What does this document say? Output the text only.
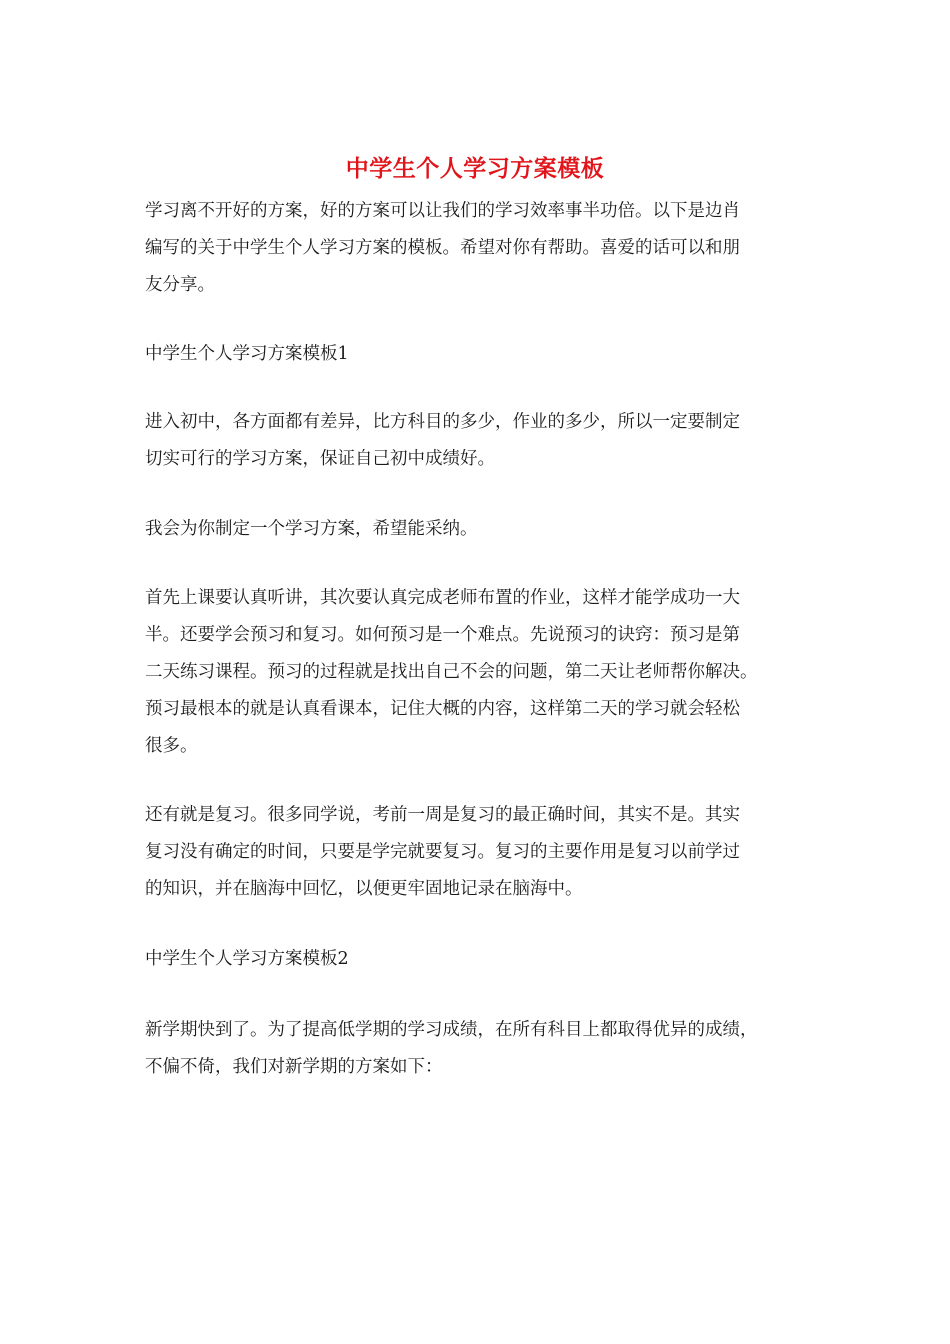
中学生个人学习方案模板

学习离不开好的方案，好的方案可以让我们的学习效率事半功倍。以下是边肖
编写的关于中学生个人学习方案的模板。希望对你有帮助。喜爱的话可以和朋
友分享。

中学生个人学习方案模板1

进入初中，各方面都有差异，比方科目的多少，作业的多少，所以一定要制定
切实可行的学习方案，保证自己初中成绩好。

我会为你制定一个学习方案，希望能采纳。

首先上课要认真听讲，其次要认真完成老师布置的作业，这样才能学成功一大
半。还要学会预习和复习。如何预习是一个难点。先说预习的诀窍：预习是第
二天练习课程。预习的过程就是找出自己不会的问题，第二天让老师帮你解决。
预习最根本的就是认真看课本，记住大概的内容，这样第二天的学习就会轻松
很多。

还有就是复习。很多同学说，考前一周是复习的最正确时间，其实不是。其实
复习没有确定的时间，只要是学完就要复习。复习的主要作用是复习以前学过
的知识，并在脑海中回忆，以便更牢固地记录在脑海中。

中学生个人学习方案模板2

新学期快到了。为了提高低学期的学习成绩，在所有科目上都取得优异的成绩，
不偏不倚，我们对新学期的方案如下：
